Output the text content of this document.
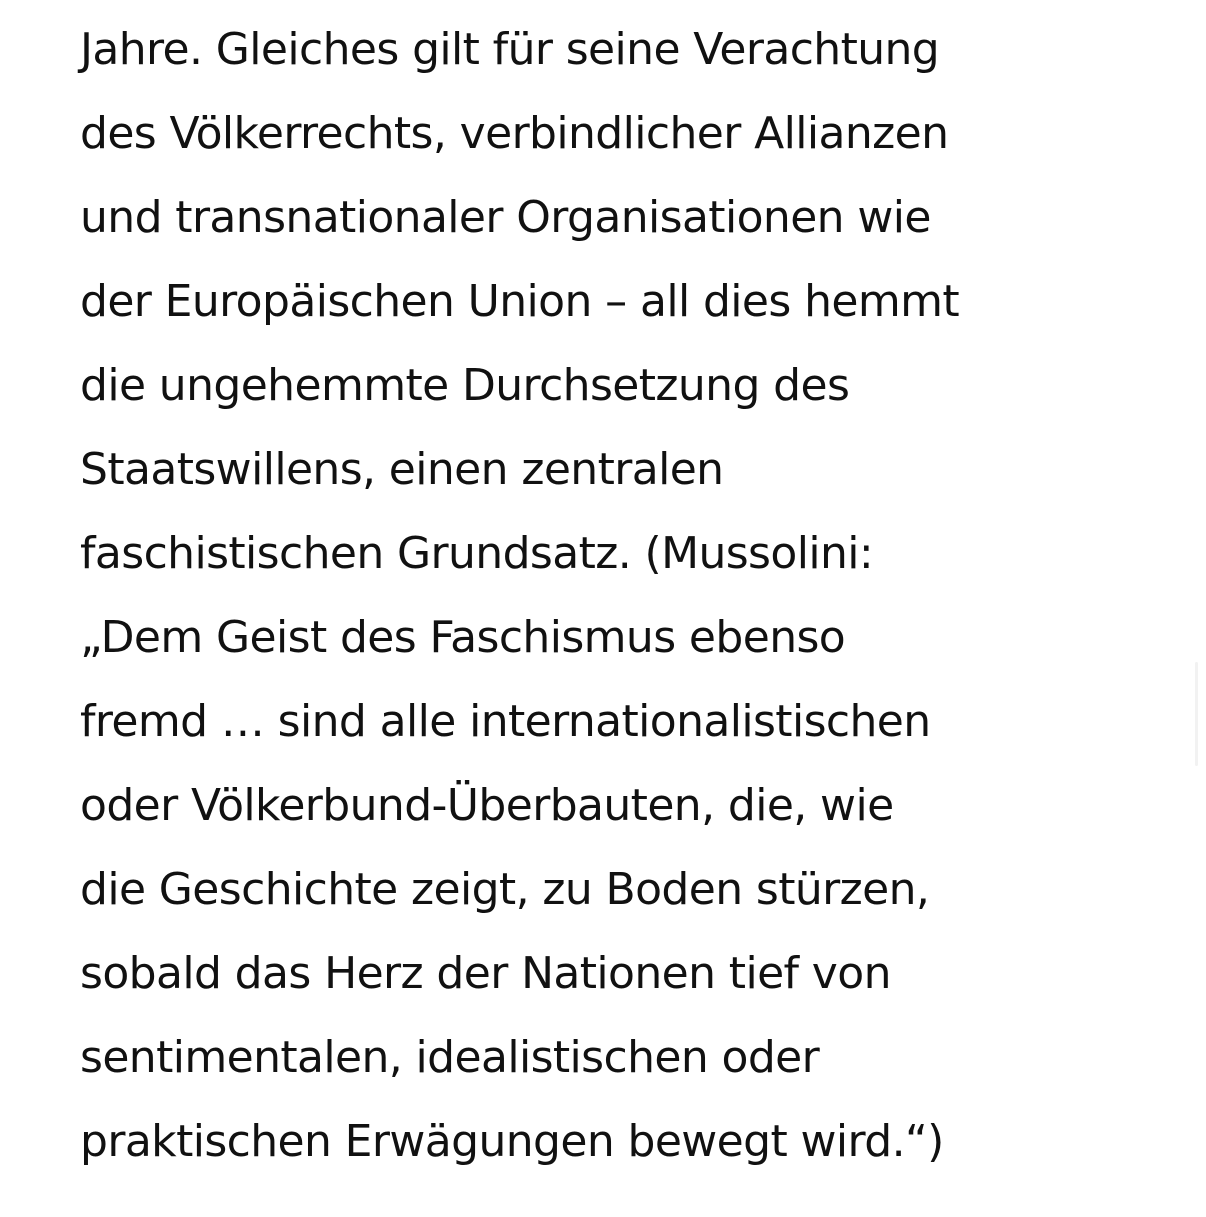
Jahre. Gleiches gilt für seine Verachtung
des Völkerrechts, verbindlicher Allianzen
und transnationaler Organisationen wie
der Europäischen Union – all dies hemmt
die ungehemmte Durchsetzung des
Staatswillens, einen zentralen
faschistischen Grundsatz. (Mussolini:
„Dem Geist des Faschismus ebenso
fremd … sind alle internationalistischen
oder Völkerbund-Überbauten, die, wie
die Geschichte zeigt, zu Boden stürzen,
sobald das Herz der Nationen tief von
sentimentalen, idealistischen oder
praktischen Erwägungen bewegt wird.“)
